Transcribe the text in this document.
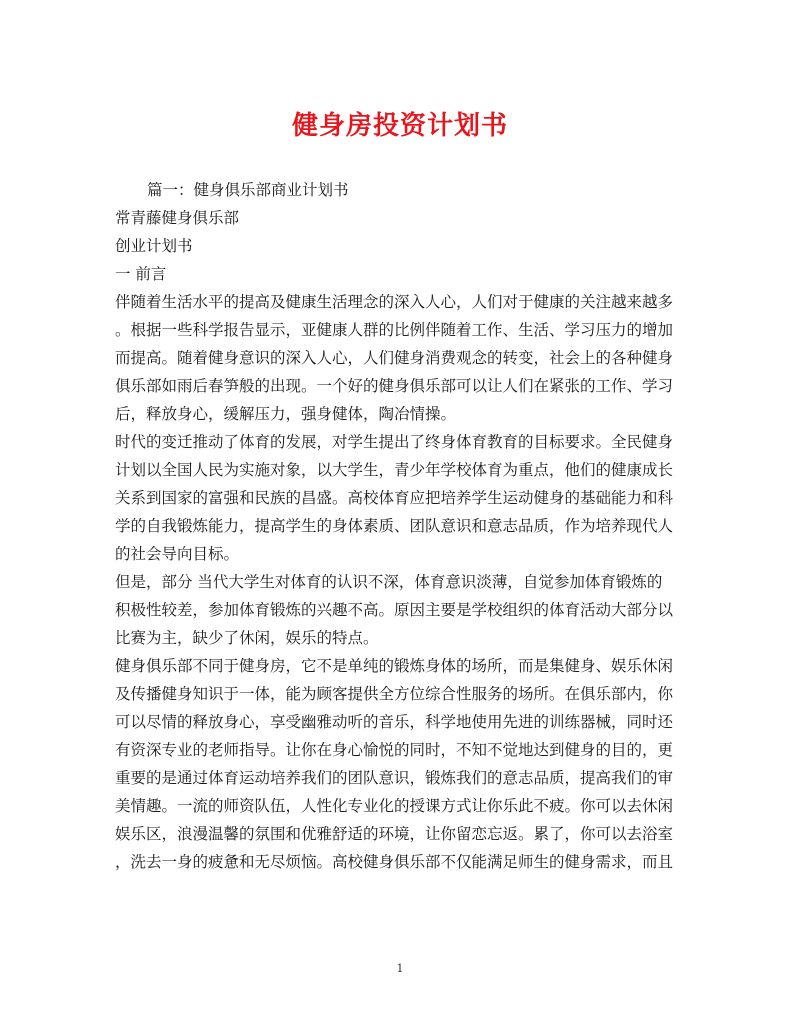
健身房投资计划书
篇一：健身俱乐部商业计划书
常青藤健身俱乐部
创业计划书
一 前言
伴随着生活水平的提高及健康生活理念的深入人心，人们对于健康的关注越来越多
。根据一些科学报告显示，亚健康人群的比例伴随着工作、生活、学习压力的增加
而提高。随着健身意识的深入人心，人们健身消费观念的转变，社会上的各种健身
俱乐部如雨后春笋般的出现。一个好的健身俱乐部可以让人们在紧张的工作、学习
后，释放身心，缓解压力，强身健体，陶冶情操。
时代的变迁推动了体育的发展，对学生提出了终身体育教育的目标要求。全民健身
计划以全国人民为实施对象，以大学生，青少年学校体育为重点，他们的健康成长
关系到国家的富强和民族的昌盛。高校体育应把培养学生运动健身的基础能力和科
学的自我锻炼能力，提高学生的身体素质、团队意识和意志品质，作为培养现代人
的社会导向目标。
但是，部分 当代大学生对体育的认识不深，体育意识淡薄，自觉参加体育锻炼的
积极性较差，参加体育锻炼的兴趣不高。原因主要是学校组织的体育活动大部分以
比赛为主，缺少了休闲，娱乐的特点。
健身俱乐部不同于健身房，它不是单纯的锻炼身体的场所，而是集健身、娱乐休闲
及传播健身知识于一体，能为顾客提供全方位综合性服务的场所。在俱乐部内，你
可以尽情的释放身心，享受幽雅动听的音乐，科学地使用先进的训练器械，同时还
有资深专业的老师指导。让你在身心愉悦的同时，不知不觉地达到健身的目的，更
重要的是通过体育运动培养我们的团队意识，锻炼我们的意志品质，提高我们的审
美情趣。一流的师资队伍，人性化专业化的授课方式让你乐此不疲。你可以去休闲
娱乐区，浪漫温馨的氛围和优雅舒适的环境，让你留恋忘返。累了，你可以去浴室
，洗去一身的疲惫和无尽烦恼。高校健身俱乐部不仅能满足师生的健身需求，而且
1
